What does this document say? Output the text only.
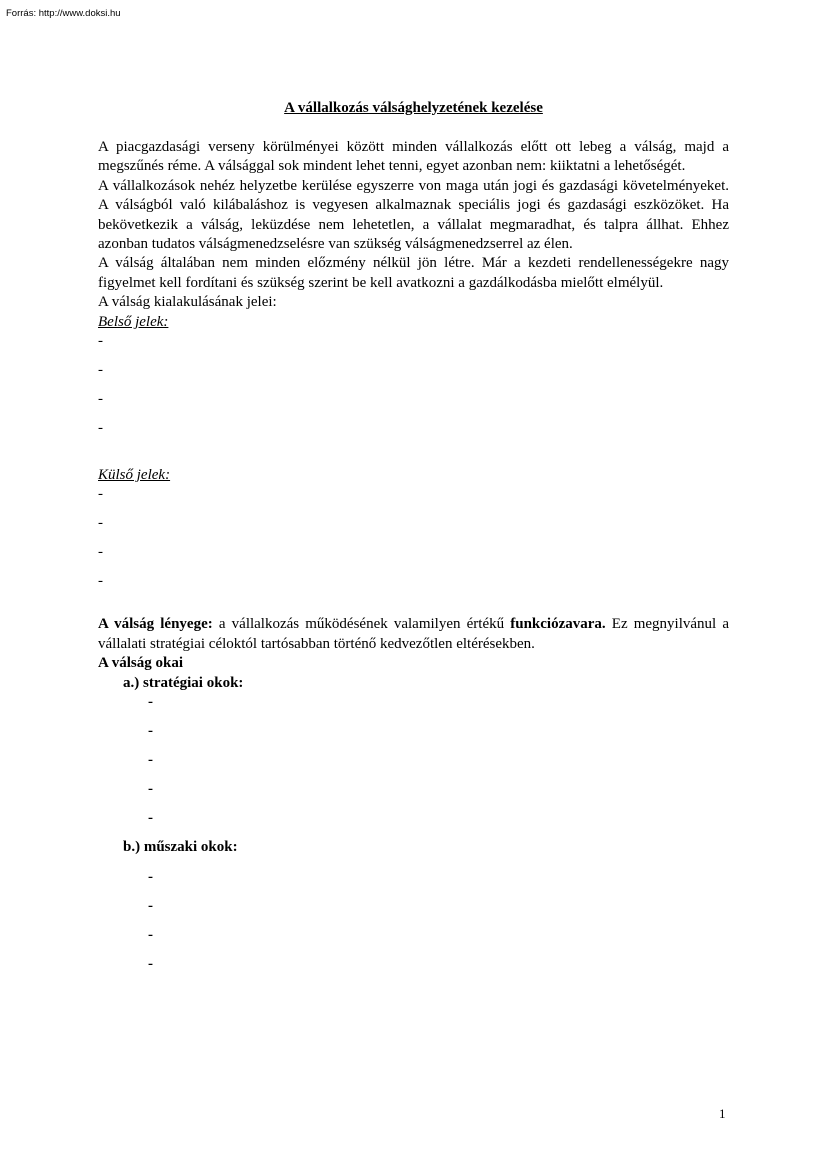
Forrás: http://www.doksi.hu
A vállalkozás válsághelyzetének kezelése

A piacgazdasági verseny körülményei között minden vállalkozás előtt ott lebeg a válság, majd a megszűnés réme. A válsággal sok mindent lehet tenni, egyet azonban nem: kiiktatni a lehetőségét.

A vállalkozások nehéz helyzetbe kerülése egyszerre von maga után jogi és gazdasági követelményeket. A válságból való kilábaláshoz is vegyesen alkalmaznak speciális jogi és gazdasági eszközöket. Ha bekövetkezik a válság, leküzdése nem lehetetlen, a vállalat megmaradhat, és talpra állhat. Ehhez azonban tudatos válságmenedzselésre van szükség válságmenedzserrel az élen.

A válság általában nem minden előzmény nélkül jön létre. Már a kezdeti rendellenességekre nagy figyelmet kell fordítani és szükség szerint be kell avatkozni a gazdálkodásba mielőtt elmélyül.

A válság kialakulásának jelei:

Belső jelek:
-
-
-
-
Külső jelek:
-
-
-
-

A válság lényege: a vállalkozás működésének valamilyen értékű funkciózavara. Ez megnyilvánul a vállalati stratégiai céloktól tartósabban történő kedvezőtlen eltérésekben.

A válság okai
a.) stratégiai okok:
-
-
-
-
-
b.) műszaki okok:
-
-
-
-
1
